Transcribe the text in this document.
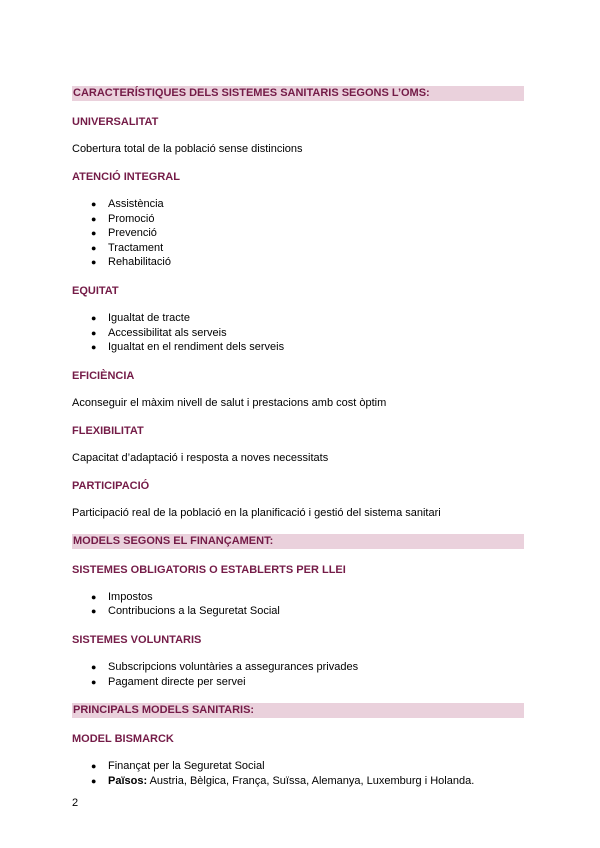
CARACTERÍSTIQUES DELS SISTEMES SANITARIS SEGONS L’OMS:
UNIVERSALITAT
Cobertura total de la població sense distincions
ATENCIÓ INTEGRAL
● Assistència
● Promoció
● Prevenció
● Tractament
● Rehabilitació
EQUITAT
● Igualtat de tracte
● Accessibilitat als serveis
● Igualtat en el rendiment dels serveis
EFICIÈNCIA
Aconseguir el màxim nivell de salut i prestacions amb cost òptim
FLEXIBILITAT
Capacitat d’adaptació i resposta a noves necessitats
PARTICIPACIÓ
Participació real de la població en la planificació i gestió del sistema sanitari
MODELS SEGONS EL FINANÇAMENT:
SISTEMES OBLIGATORIS O ESTABLERTS PER LLEI
● Impostos
● Contribucions a la Seguretat Social
SISTEMES VOLUNTARIS
● Subscripcions voluntàries a assegurances privades
● Pagament directe per servei
PRINCIPALS MODELS SANITARIS:
MODEL BISMARCK
● Finançat per la Seguretat Social
● Països: Austria, Bèlgica, França, Suïssa, Alemanya, Luxemburg i Holanda.
2
